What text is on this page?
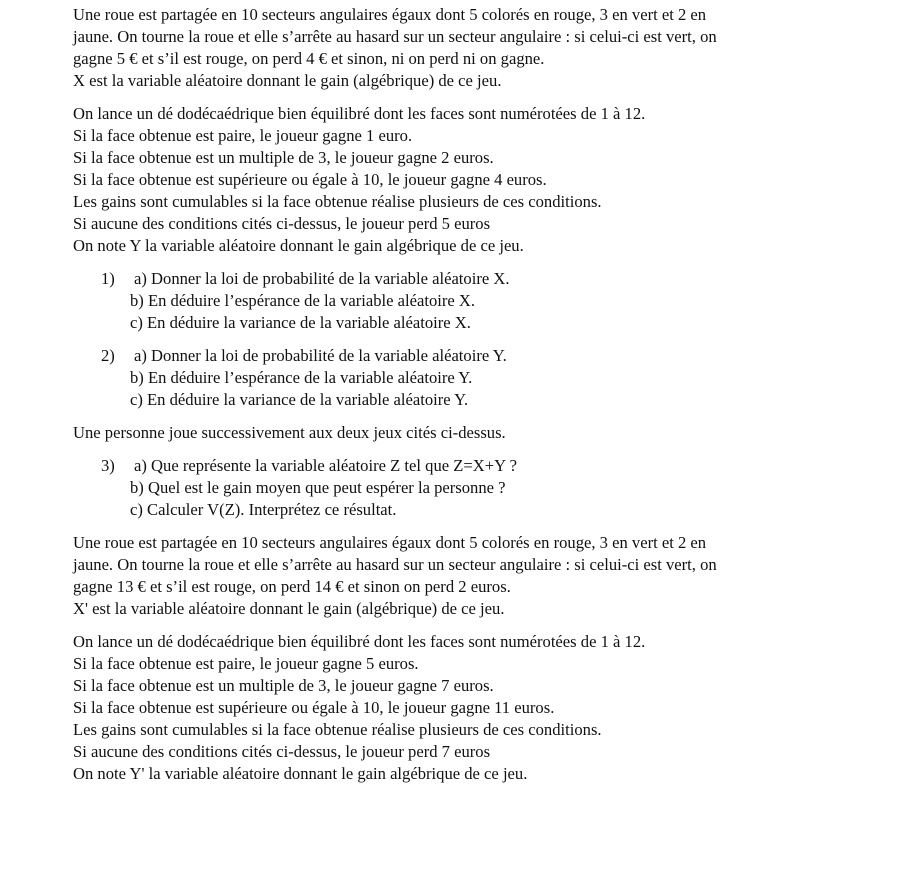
Une roue est partagée en 10 secteurs angulaires égaux dont 5 colorés en rouge, 3 en vert et 2 en
jaune. On tourne la roue et elle s’arrête au hasard sur un secteur angulaire : si celui-ci est vert, on
gagne 5 € et s’il est rouge, on perd 4 € et sinon, ni on perd ni on gagne.
X est la variable aléatoire donnant le gain (algébrique) de ce jeu.
On lance un dé dodécaédrique bien équilibré dont les faces sont numérotées de 1 à 12.
Si la face obtenue est paire, le joueur gagne 1 euro.
Si la face obtenue est un multiple de 3, le joueur gagne 2 euros.
Si la face obtenue est supérieure ou égale à 10, le joueur gagne 4 euros.
Les gains sont cumulables si la face obtenue réalise plusieurs de ces conditions.
Si aucune des conditions cités ci-dessus, le joueur perd 5 euros
On note Y la variable aléatoire donnant le gain algébrique de ce jeu.
1) a) Donner la loi de probabilité de la variable aléatoire X.
b) En déduire l’espérance de la variable aléatoire X.
c) En déduire la variance de la variable aléatoire X.
2) a) Donner la loi de probabilité de la variable aléatoire Y.
b) En déduire l’espérance de la variable aléatoire Y.
c) En déduire la variance de la variable aléatoire Y.
Une personne joue successivement aux deux jeux cités ci-dessus.
3) a) Que représente la variable aléatoire Z tel que Z=X+Y ?
b) Quel est le gain moyen que peut espérer la personne ?
c) Calculer V(Z). Interprétez ce résultat.
Une roue est partagée en 10 secteurs angulaires égaux dont 5 colorés en rouge, 3 en vert et 2 en
jaune. On tourne la roue et elle s’arrête au hasard sur un secteur angulaire : si celui-ci est vert, on
gagne 13 € et s’il est rouge, on perd 14 € et sinon on perd 2 euros.
X' est la variable aléatoire donnant le gain (algébrique) de ce jeu.
On lance un dé dodécaédrique bien équilibré dont les faces sont numérotées de 1 à 12.
Si la face obtenue est paire, le joueur gagne 5 euros.
Si la face obtenue est un multiple de 3, le joueur gagne 7 euros.
Si la face obtenue est supérieure ou égale à 10, le joueur gagne 11 euros.
Les gains sont cumulables si la face obtenue réalise plusieurs de ces conditions.
Si aucune des conditions cités ci-dessus, le joueur perd 7 euros
On note Y' la variable aléatoire donnant le gain algébrique de ce jeu.
